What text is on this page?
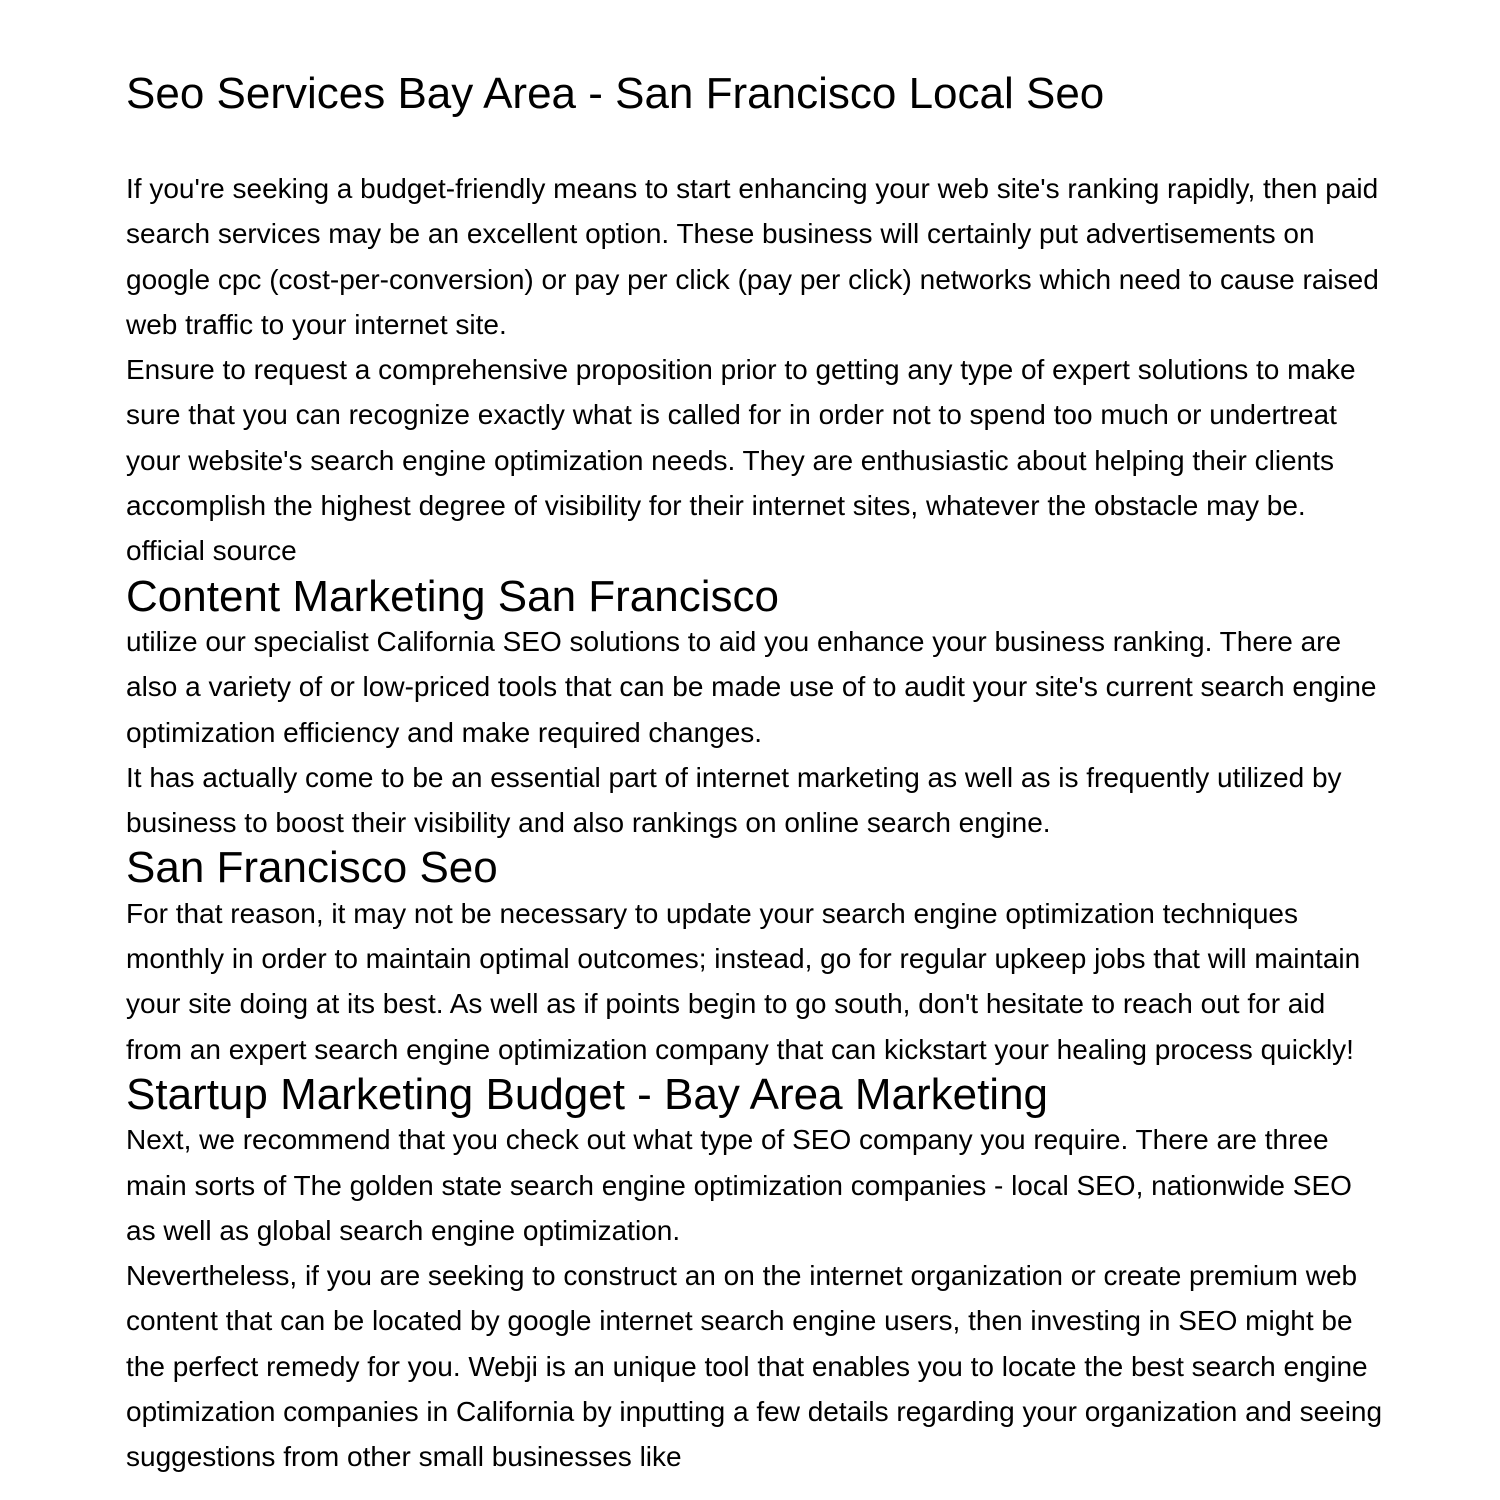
Seo Services Bay Area - San Francisco Local Seo

If you're seeking a budget-friendly means to start enhancing your web site's ranking rapidly, then paid search services may be an excellent option. These business will certainly put advertisements on google cpc (cost-per-conversion) or pay per click (pay per click) networks which need to cause raised web traffic to your internet site.

Ensure to request a comprehensive proposition prior to getting any type of expert solutions to make sure that you can recognize exactly what is called for in order not to spend too much or undertreat your website's search engine optimization needs. They are enthusiastic about helping their clients accomplish the highest degree of visibility for their internet sites, whatever the obstacle may be. official source

Content Marketing San Francisco

utilize our specialist California SEO solutions to aid you enhance your business ranking. There are also a variety of or low-priced tools that can be made use of to audit your site's current search engine optimization efficiency and make required changes.

It has actually come to be an essential part of internet marketing as well as is frequently utilized by business to boost their visibility and also rankings on online search engine.

San Francisco Seo

For that reason, it may not be necessary to update your search engine optimization techniques monthly in order to maintain optimal outcomes; instead, go for regular upkeep jobs that will maintain your site doing at its best. As well as if points begin to go south, don't hesitate to reach out for aid from an expert search engine optimization company that can kickstart your healing process quickly!

Startup Marketing Budget - Bay Area Marketing

Next, we recommend that you check out what type of SEO company you require. There are three main sorts of The golden state search engine optimization companies - local SEO, nationwide SEO as well as global search engine optimization.

Nevertheless, if you are seeking to construct an on the internet organization or create premium web content that can be located by google internet search engine users, then investing in SEO might be the perfect remedy for you. Webji is an unique tool that enables you to locate the best search engine optimization companies in California by inputting a few details regarding your organization and seeing suggestions from other small businesses like
